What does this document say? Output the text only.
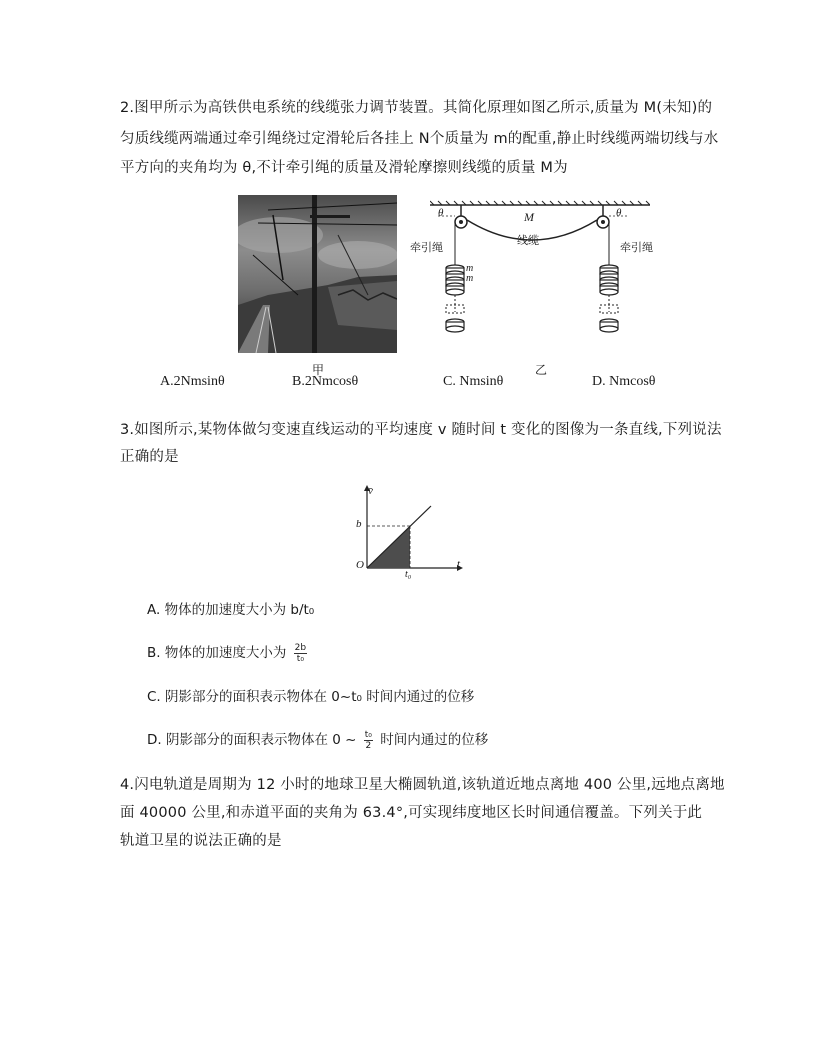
2.图甲所示为高铁供电系统的线缆张力调节装置。其简化原理如图乙所示,质量为 M(未知)的
匀质线缆两端通过牵引绳绕过定滑轮后各挂上 N个质量为 m的配重,静止时线缆两端切线与水
平方向的夹角均为 θ,不计牵引绳的质量及滑轮摩擦则线缆的质量 M为
甲
θ	θ
M
线缆
牵引绳	牵引绳
m
m
乙
A.2Nmsinθ	B.2Nmcosθ	C. Nmsinθ	D. Nmcosθ
3.如图所示,某物体做匀变速直线运动的平均速度 v 随时间 t 变化的图像为一条直线,下列说法
正确的是
v̄
t
O
b
t₀
A. 物体的加速度大小为 b/t₀
B. 物体的加速度大小为 $\frac{2b}{\text{t₀}}$
C. 阴影部分的面积表示物体在 0~t₀ 时间内通过的位移
D. 阴影部分的面积表示物体在 0 ~ $\frac{\text{t₀}}{2}$ 时间内通过的位移
4.闪电轨道是周期为 12 小时的地球卫星大椭圆轨道,该轨道近地点离地 400 公里,远地点离地
面 40000 公里,和赤道平面的夹角为 63.4°,可实现纬度地区长时间通信覆盖。下列关于此
轨道卫星的说法正确的是
